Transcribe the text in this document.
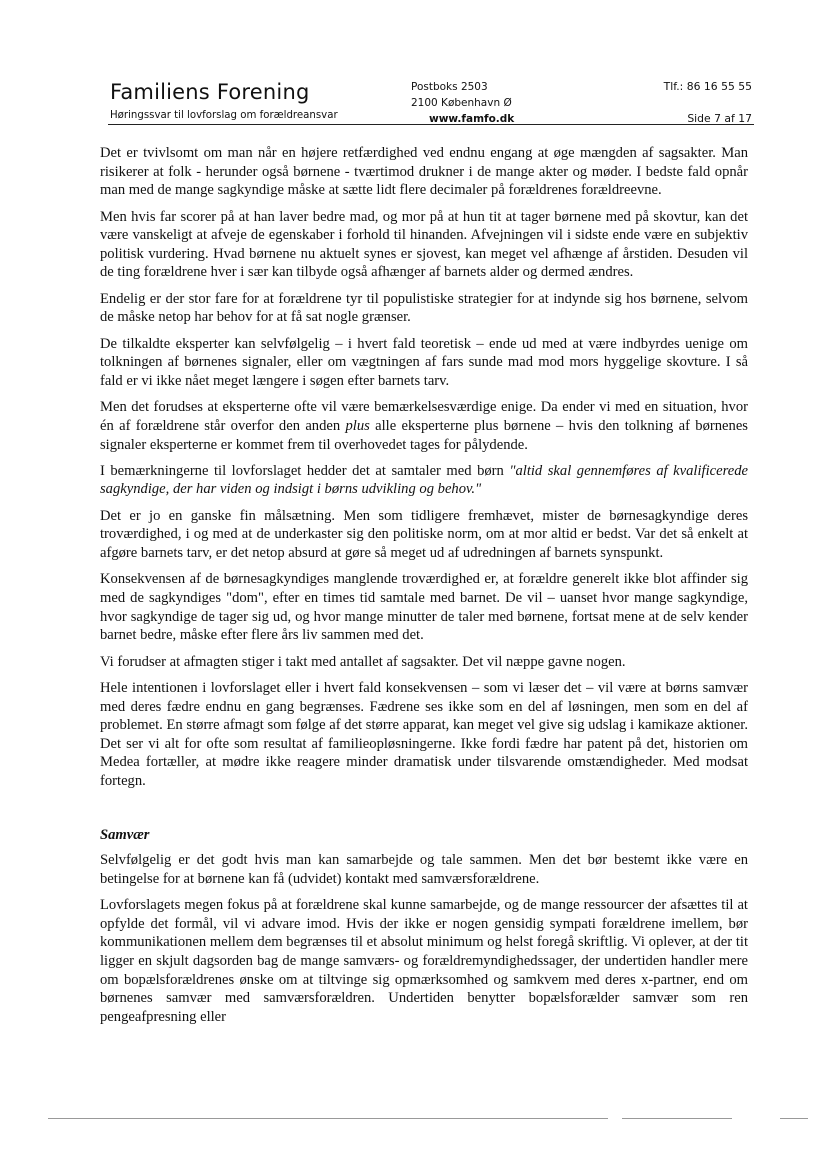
Familiens Forening
Høringssvar til lovforslag om forældreansvar
Postboks 2503
2100 København Ø
www.famfo.dk
Tlf.: 86 16 55 55
Side 7 af 17

Det er tvivlsomt om man når en højere retfærdighed ved endnu engang at øge mængden af sagsakter. Man risikerer at folk - herunder også børnene - tværtimod drukner i de mange akter og møder. I bedste fald opnår man med de mange sagkyndige måske at sætte lidt flere decimaler på forældrenes forældreevne.

Men hvis far scorer på at han laver bedre mad, og mor på at hun tit at tager børnene med på skovtur, kan det være vanskeligt at afveje de egenskaber i forhold til hinanden. Afvejningen vil i sidste ende være en subjektiv politisk vurdering. Hvad børnene nu aktuelt synes er sjovest, kan meget vel afhænge af årstiden. Desuden vil de ting forældrene hver i sær kan tilbyde også afhænger af barnets alder og dermed ændres.

Endelig er der stor fare for at forældrene tyr til populistiske strategier for at indynde sig hos børnene, selvom de måske netop har behov for at få sat nogle grænser.

De tilkaldte eksperter kan selvfølgelig – i hvert fald teoretisk – ende ud med at være indbyrdes uenige om tolkningen af børnenes signaler, eller om vægtningen af fars sunde mad mod mors hyggelige skovture. I så fald er vi ikke nået meget længere i søgen efter barnets tarv.

Men det forudses at eksperterne ofte vil være bemærkelsesværdige enige. Da ender vi med en situation, hvor én af forældrene står overfor den anden plus alle eksperterne plus børnene – hvis den tolkning af børnenes signaler eksperterne er kommet frem til overhovedet tages for pålydende.

I bemærkningerne til lovforslaget hedder det at samtaler med børn "altid skal gennemføres af kvalificerede sagkyndige, der har viden og indsigt i børns udvikling og behov."

Det er jo en ganske fin målsætning. Men som tidligere fremhævet, mister de børnesagkyndige deres troværdighed, i og med at de underkaster sig den politiske norm, om at mor altid er bedst. Var det så enkelt at afgøre barnets tarv, er det netop absurd at gøre så meget ud af udredningen af barnets synspunkt.

Konsekvensen af de børnesagkyndiges manglende troværdighed er, at forældre generelt ikke blot affinder sig med de sagkyndiges "dom", efter en times tid samtale med barnet. De vil – uanset hvor mange sagkyndige, hvor sagkyndige de tager sig ud, og hvor mange minutter de taler med børnene, fortsat mene at de selv kender barnet bedre, måske efter flere års liv sammen med det.

Vi forudser at afmagten stiger i takt med antallet af sagsakter. Det vil næppe gavne nogen.

Hele intentionen i lovforslaget eller i hvert fald konsekvensen – som vi læser det – vil være at børns samvær med deres fædre endnu en gang begrænses. Fædrene ses ikke som en del af løsningen, men som en del af problemet. En større afmagt som følge af det større apparat, kan meget vel give sig udslag i kamikaze aktioner. Det ser vi alt for ofte som resultat af familieopløsningerne. Ikke fordi fædre har patent på det, historien om Medea fortæller, at mødre ikke reagere minder dramatisk under tilsvarende omstændigheder. Med modsat fortegn.

Samvær

Selvfølgelig er det godt hvis man kan samarbejde og tale sammen. Men det bør bestemt ikke være en betingelse for at børnene kan få (udvidet) kontakt med samværsforældrene.

Lovforslagets megen fokus på at forældrene skal kunne samarbejde, og de mange ressourcer der afsættes til at opfylde det formål, vil vi advare imod. Hvis der ikke er nogen gensidig sympati forældrene imellem, bør kommunikationen mellem dem begrænses til et absolut minimum og helst foregå skriftlig. Vi oplever, at der tit ligger en skjult dagsorden bag de mange samværs- og forældremyndighedssager, der undertiden handler mere om bopælsforældrenes ønske om at tiltvinge sig opmærksomhed og samkvem med deres x-partner, end om børnenes samvær med samværsforældren. Undertiden benytter bopælsforælder samvær som ren pengeafpresning eller
